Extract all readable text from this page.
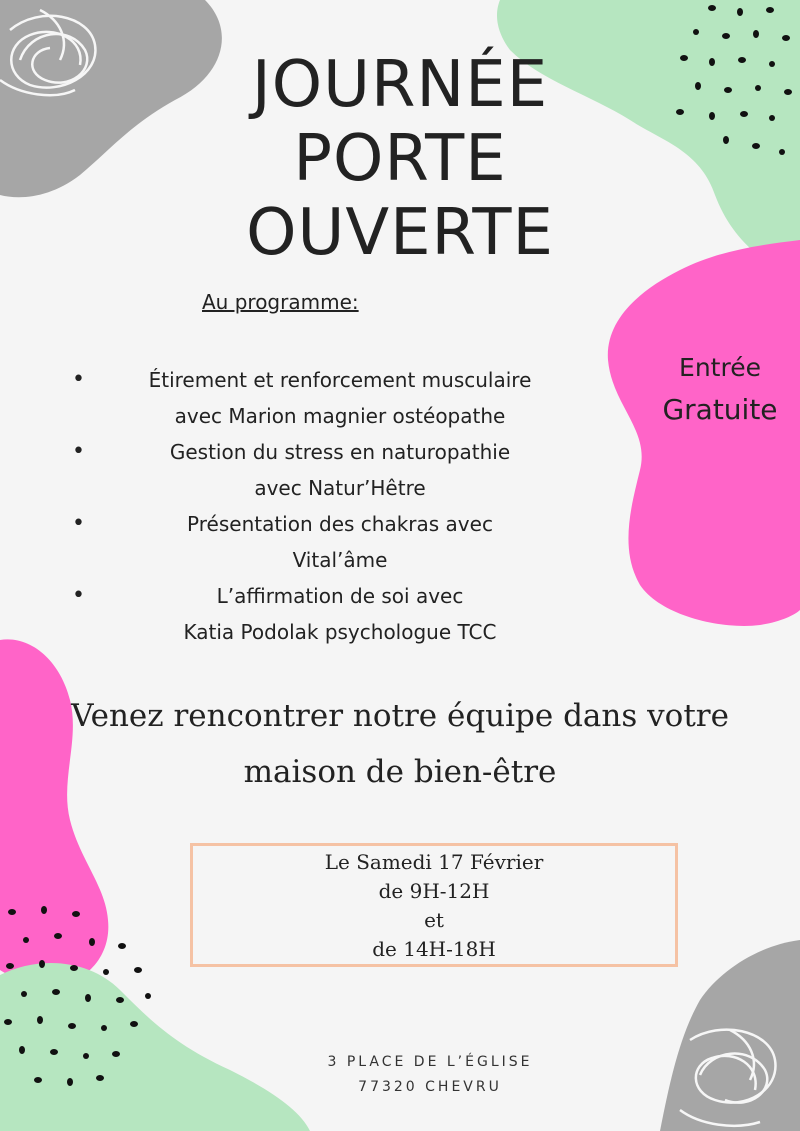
JOURNÉE
PORTE
OUVERTE
Au programme:
• Étirement et renforcement musculaire
avec Marion magnier ostéopathe
• Gestion du stress en naturopathie
avec Natur’Hêtre
• Présentation des chakras avec
Vital’âme
• L’affirmation de soi avec
Katia Podolak psychologue TCC
Entrée
Gratuite
Venez rencontrer notre équipe dans votre
maison de bien-être
Le Samedi 17 Février
de 9H-12H
et
de 14H-18H
3 PLACE DE L’ÉGLISE
77320 CHEVRU
